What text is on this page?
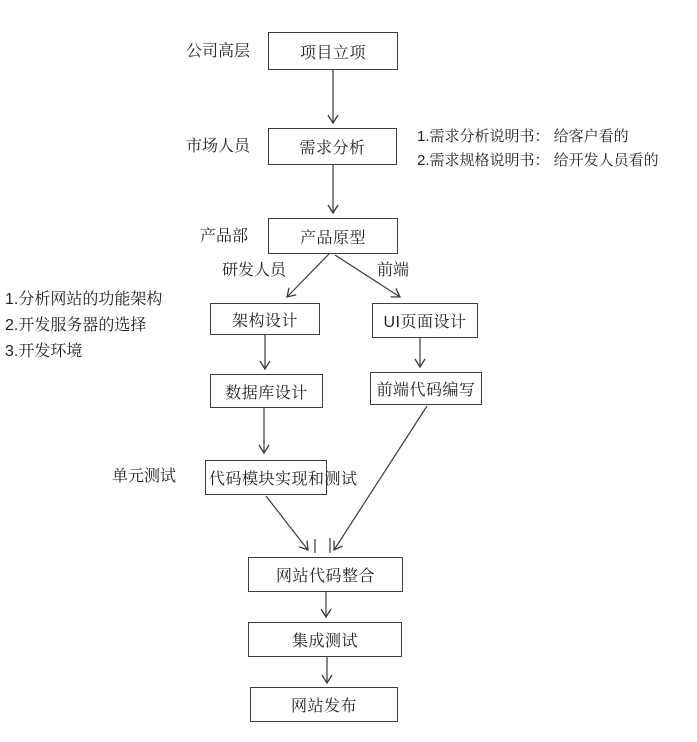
项目立项
需求分析
产品原型
架构设计	UI页面设计
数据库设计	前端代码编写
代码模块实现和测试
网站代码整合
集成测试
网站发布
公司高层
市场人员
产品部
研发人员	前端
单元测试
1.需求分析说明书： 给客户看的
2.需求规格说明书： 给开发人员看的
1.分析网站的功能架构
2.开发服务器的选择
3.开发环境
